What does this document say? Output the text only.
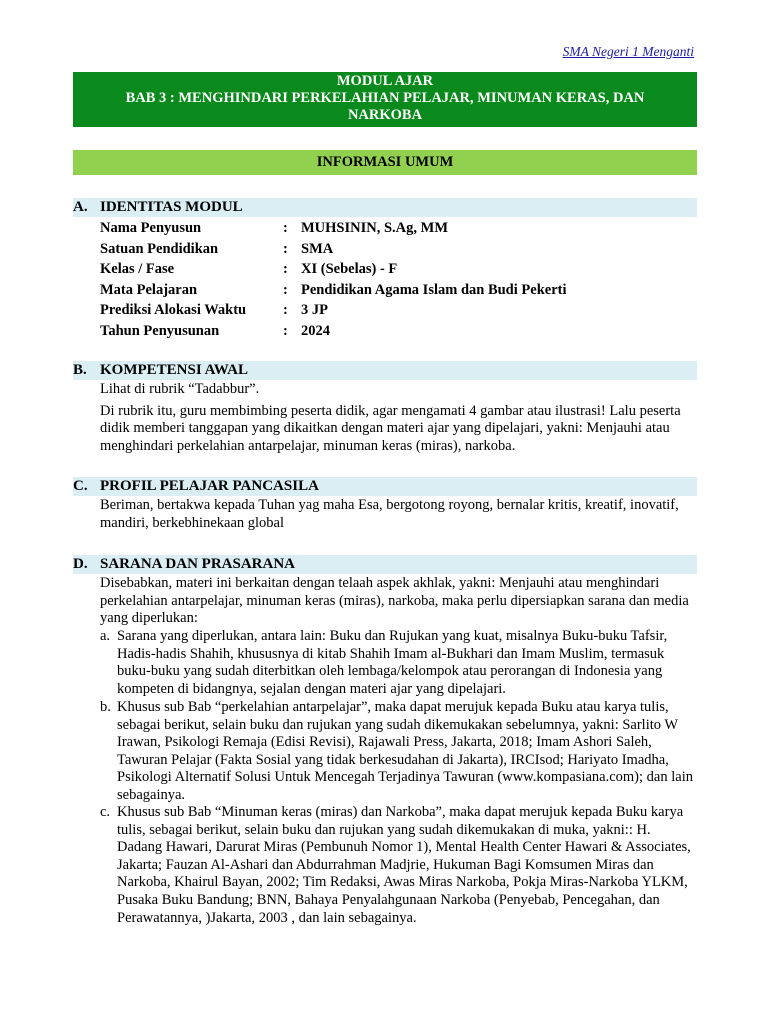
SMA Negeri 1 Menganti
MODUL AJAR
BAB 3 : MENGHINDARI PERKELAHIAN PELAJAR, MINUMAN KERAS, DAN
NARKOBA
INFORMASI UMUM
A. IDENTITAS MODUL
Nama Penyusun	: MUHSININ, S.Ag, MM
Satuan Pendidikan	: SMA
Kelas / Fase	: XI (Sebelas) - F
Mata Pelajaran	: Pendidikan Agama Islam dan Budi Pekerti
Prediksi Alokasi Waktu	: 3 JP
Tahun Penyusunan	: 2024
B. KOMPETENSI AWAL

Lihat di rubrik “Tadabbur”.

Di rubrik itu, guru membimbing peserta didik, agar mengamati 4 gambar atau ilustrasi! Lalu peserta didik memberi tanggapan yang dikaitkan dengan materi ajar yang dipelajari, yakni: Menjauhi atau menghindari perkelahian antarpelajar, minuman keras (miras), narkoba.

C. PROFIL PELAJAR PANCASILA

Beriman, bertakwa kepada Tuhan yag maha Esa, bergotong royong, bernalar kritis, kreatif, inovatif, mandiri, berkebhinekaan global

D. SARANA DAN PRASARANA

Disebabkan, materi ini berkaitan dengan telaah aspek akhlak, yakni: Menjauhi atau menghindari perkelahian antarpelajar, minuman keras (miras), narkoba, maka perlu dipersiapkan sarana dan media yang diperlukan:

a. Sarana yang diperlukan, antara lain: Buku dan Rujukan yang kuat, misalnya Buku-buku Tafsir, Hadis-hadis Shahih, khususnya di kitab Shahih Imam al-Bukhari dan Imam Muslim, termasuk buku-buku yang sudah diterbitkan oleh lembaga/kelompok atau perorangan di Indonesia yang kompeten di bidangnya, sejalan dengan materi ajar yang dipelajari.
b. Khusus sub Bab “perkelahian antarpelajar”, maka dapat merujuk kepada Buku atau karya tulis, sebagai berikut, selain buku dan rujukan yang sudah dikemukakan sebelumnya, yakni: Sarlito W Irawan, Psikologi Remaja (Edisi Revisi), Rajawali Press, Jakarta, 2018; Imam Ashori Saleh, Tawuran Pelajar (Fakta Sosial yang tidak berkesudahan di Jakarta), IRCIsod; Hariyato Imadha, Psikologi Alternatif Solusi Untuk Mencegah Terjadinya Tawuran (www.kompasiana.com); dan lain sebagainya.
c. Khusus sub Bab “Minuman keras (miras) dan Narkoba”, maka dapat merujuk kepada Buku karya tulis, sebagai berikut, selain buku dan rujukan yang sudah dikemukakan di muka, yakni:: H. Dadang Hawari, Darurat Miras (Pembunuh Nomor 1), Mental Health Center Hawari & Associates, Jakarta; Fauzan Al-Ashari dan Abdurrahman Madjrie, Hukuman Bagi Komsumen Miras dan Narkoba, Khairul Bayan, 2002; Tim Redaksi, Awas Miras Narkoba, Pokja Miras-Narkoba YLKM, Pusaka Buku Bandung; BNN, Bahaya Penyalahgunaan Narkoba (Penyebab, Pencegahan, dan Perawatannya, )Jakarta, 2003 , dan lain sebagainya.
